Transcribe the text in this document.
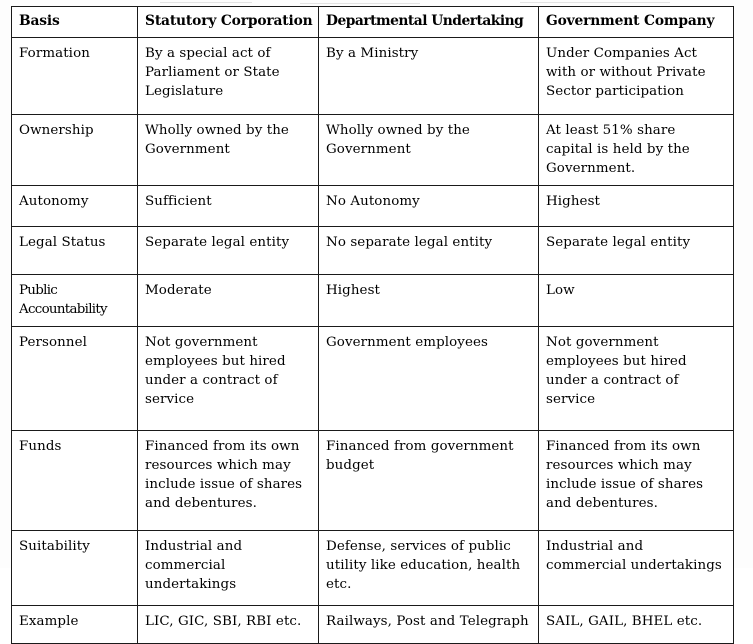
Basis	Statutory Corporation	Departmental Undertaking	Government Company
Formation	By a special act of Parliament or State Legislature	By a Ministry	Under Companies Act with or without Private Sector participation
Ownership	Wholly owned by the Government	Wholly owned by the Government	At least 51% share capital is held by the Government.
Autonomy	Sufficient	No Autonomy	Highest
Legal Status	Separate legal entity	No separate legal entity	Separate legal entity
Public Accountability	Moderate	Highest	Low
Personnel	Not government employees but hired under a contract of service	Government employees	Not government employees but hired under a contract of service
Funds	Financed from its own resources which may include issue of shares and debentures.	Financed from government budget	Financed from its own resources which may include issue of shares and debentures.
Suitability	Industrial and commercial undertakings	Defense, services of public utility like education, health etc.	Industrial and commercial undertakings
Example	LIC, GIC, SBI, RBI etc.	Railways, Post and Telegraph	SAIL, GAIL, BHEL etc.
